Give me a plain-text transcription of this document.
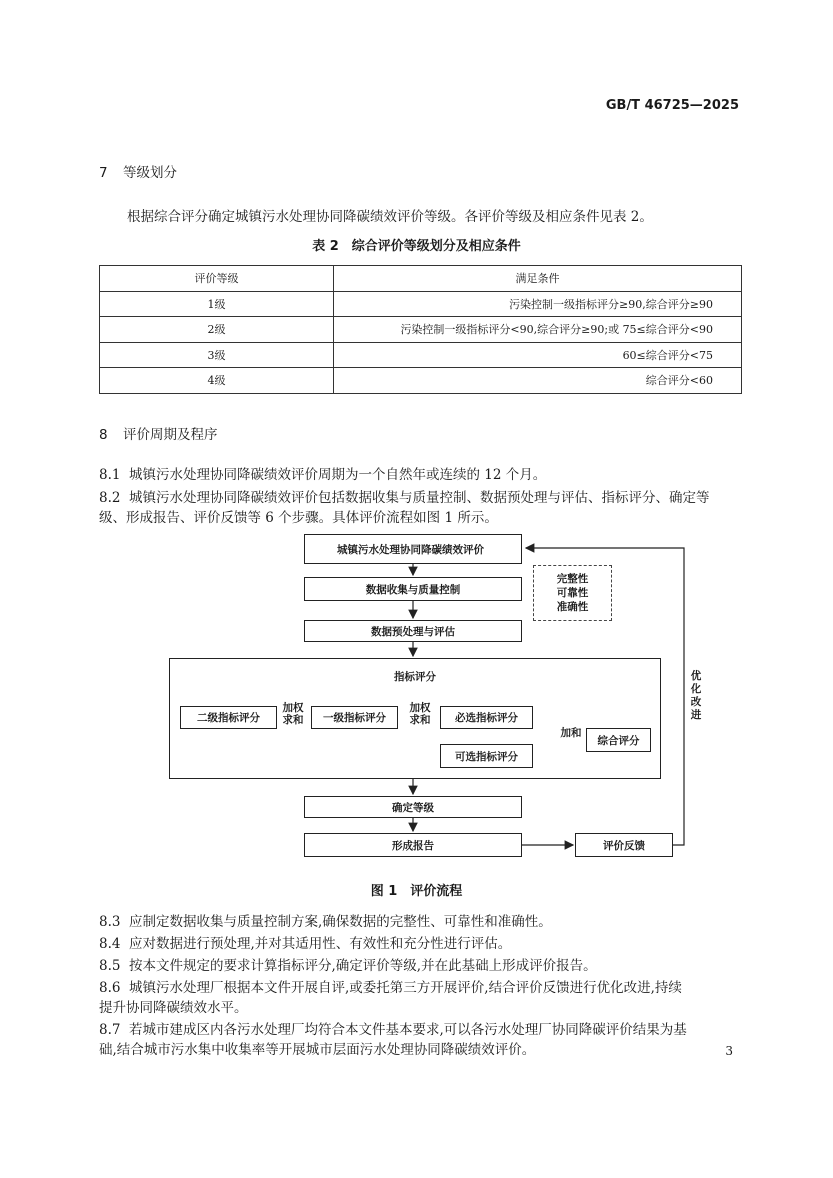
GB/T 46725—2025
7 等级划分
根据综合评分确定城镇污水处理协同降碳绩效评价等级。各评价等级及相应条件见表 2。
表 2　综合评价等级划分及相应条件
评价等级	满足条件
1级	污染控制一级指标评分≥90,综合评分≥90
2级	污染控制一级指标评分<90,综合评分≥90;或 75≤综合评分<90
3级	60≤综合评分<75
4级	综合评分<60
8 评价周期及程序
8.1 城镇污水处理协同降碳绩效评价周期为一个自然年或连续的 12 个月。
8.2 城镇污水处理协同降碳绩效评价包括数据收集与质量控制、数据预处理与评估、指标评分、确定等
级、形成报告、评价反馈等 6 个步骤。具体评价流程如图 1 所示。
城镇污水处理协同降碳绩效评价
数据收集与质量控制
完整性
可靠性
准确性
数据预处理与评估
指标评分
二级指标评分
加权
求和	一级指标评分
加权
求和	必选指标评分
可选指标评分
加和
综合评分
确定等级
形成报告	评价反馈
优
化
改
进
图 1　评价流程
8.3 应制定数据收集与质量控制方案,确保数据的完整性、可靠性和准确性。
8.4 应对数据进行预处理,并对其适用性、有效性和充分性进行评估。
8.5 按本文件规定的要求计算指标评分,确定评价等级,并在此基础上形成评价报告。
8.6 城镇污水处理厂根据本文件开展自评,或委托第三方开展评价,结合评价反馈进行优化改进,持续
提升协同降碳绩效水平。
8.7 若城市建成区内各污水处理厂均符合本文件基本要求,可以各污水处理厂协同降碳评价结果为基
础,结合城市污水集中收集率等开展城市层面污水处理协同降碳绩效评价。	3
